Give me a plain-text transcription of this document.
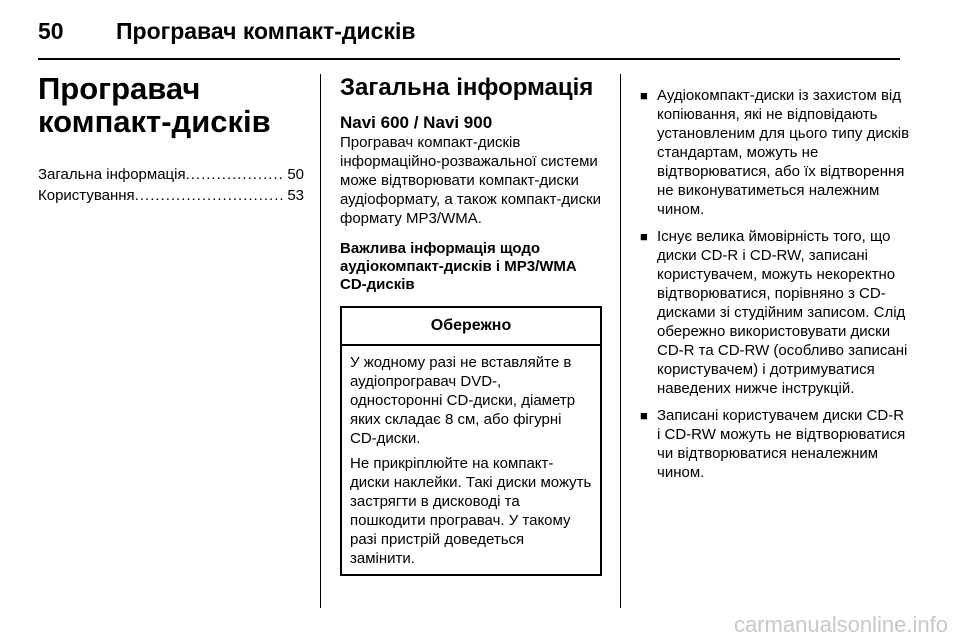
50 Програвач компакт-дисків
Програвач компакт-дисків
Загальна інформація .....	50
Користування .....	53
Загальна інформація
Navi 600 / Navi 900

Програвач компакт-дисків інформаційно-розважальної системи може відтворювати компакт-диски аудіоформату, а також компакт-диски формату MP3/WMA.

Важлива інформація щодо аудіокомпакт-дисків і MP3/WMA CD-дисків

Обережно

У жодному разі не вставляйте в аудіопрогравач DVD-, односторонні CD-диски, діаметр яких складає 8 см, або фігурні CD-диски.

Не прикріплюйте на компакт-диски наклейки. Такі диски можуть застрягти в дисководі та пошкодити програвач. У такому разі пристрій доведеться замінити.

■ Аудіокомпакт-диски із захистом від копіювання, які не відповідають установленим для цього типу дисків стандартам, можуть не відтворюватися, або їх відтворення не виконуватиметься належним чином.
■ Існує велика ймовірність того, що диски CD-R і CD-RW, записані користувачем, можуть некоректно відтворюватися, порівняно з CD-дисками зі студійним записом. Слід обережно використовувати диски CD-R та CD-RW (особливо записані користувачем) і дотримуватися наведених нижче інструкцій.
■ Записані користувачем диски CD-R і CD-RW можуть не відтворюватися чи відтворюватися неналежним чином.
carmanualsonline.info
